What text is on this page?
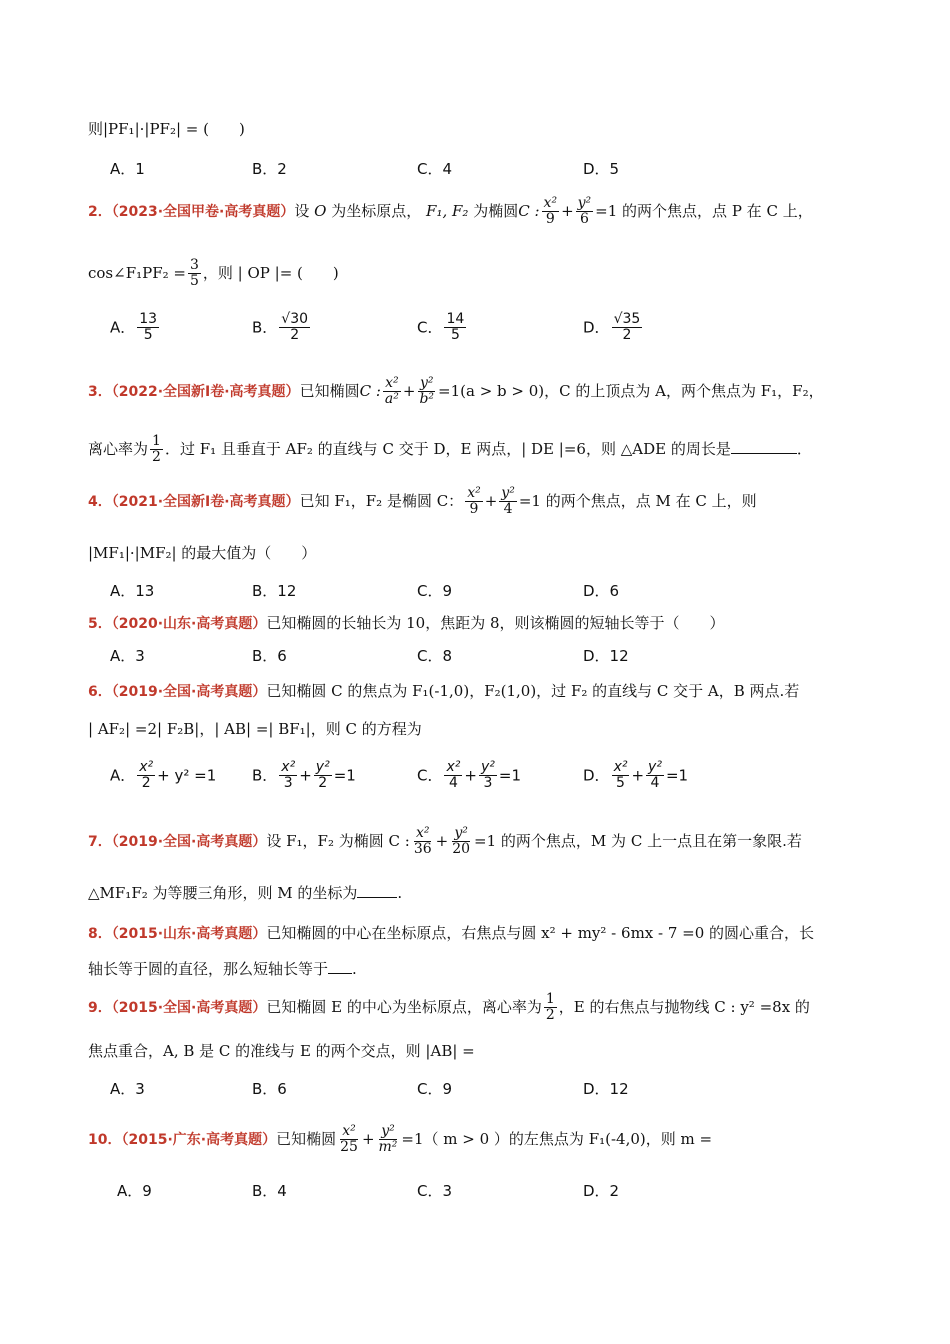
则|PF₁|·|PF₂| = (　　)
A．1	B．2	C．4	D．5
2．（2023·全国甲卷·高考真题）设 O 为坐标原点， F₁, F₂ 为椭圆C : $\frac{\text{x²}}{9} + \frac{\text{y²}}{6} =1$ 的两个焦点，点 P 在 C 上，
cos∠F₁PF₂ = $\frac{3}{5}$ ，则 | OP |= (　　)
A． $\frac{13}{5}$	B． $\frac{√30}{2}$	C． $\frac{14}{5}$	D． $\frac{√35}{2}$
3．（2022·全国新Ⅰ卷·高考真题）已知椭圆C : $\frac{\text{x²}}{\text{a²}} + \frac{\text{y²}}{\text{b²}} =1(a > b > 0)$，C 的上顶点为 A，两个焦点为 F₁，F₂，
离心率为 $\frac{1}{2}$ ．过 F₁ 且垂直于 AF₂ 的直线与 C 交于 D，E 两点，| DE |=6，则 △ADE 的周长是	．
4．（2021·全国新Ⅰ卷·高考真题）已知 F₁，F₂ 是椭圆 C： $\frac{\text{x²}}{9} + \frac{\text{y²}}{4} =1$ 的两个焦点，点 M 在 C 上，则
|MF₁|·|MF₂| 的最大值为（　　）
A．13	B．12	C．9	D．6
5．（2020·山东·高考真题）已知椭圆的长轴长为 10，焦距为 8，则该椭圆的短轴长等于（　　）
A．3	B．6	C．8	D．12
6．（2019·全国·高考真题）已知椭圆 C 的焦点为 F₁(-1,0)，F₂(1,0)，过 F₂ 的直线与 C 交于 A，B 两点.若
| AF₂| =2| F₂B|，| AB| =| BF₁|，则 C 的方程为
A． $\frac{\text{x²}}{2} + y^2 =1$ B． $\frac{\text{x²}}{3} + \frac{\text{y²}}{2} =1$	C． $\frac{\text{x²}}{4} + \frac{\text{y²}}{3} =1$	D． $\frac{\text{x²}}{5} + \frac{\text{y²}}{4} =1$
7．（2019·全国·高考真题）设 F₁，F₂ 为椭圆 C : $\frac{\text{x²}}{36} + \frac{\text{y²}}{20} =1$ 的两个焦点，M 为 C 上一点且在第一象限.若
△MF₁F₂ 为等腰三角形，则 M 的坐标为	.
8．（2015·山东·高考真题）已知椭圆的中心在坐标原点，右焦点与圆 x² + my² - 6mx - 7 =0 的圆心重合，长
轴长等于圆的直径，那么短轴长等于 .
9．（2015·全国·高考真题）已知椭圆 E 的中心为坐标原点，离心率为 $\frac{1}{2}$ ，E 的右焦点与抛物线 C : y² =8x 的
焦点重合，A, B 是 C 的准线与 E 的两个交点，则 |AB| =
A．3	B．6	C．9	D．12
10．（2015·广东·高考真题）已知椭圆 $\frac{\text{x²}}{25} + \frac{\text{y²}}{\text{m²}} =1$（ m > 0 ）的左焦点为 F₁(-4,0)，则 m =
A．9	B．4	C．3	D．2
